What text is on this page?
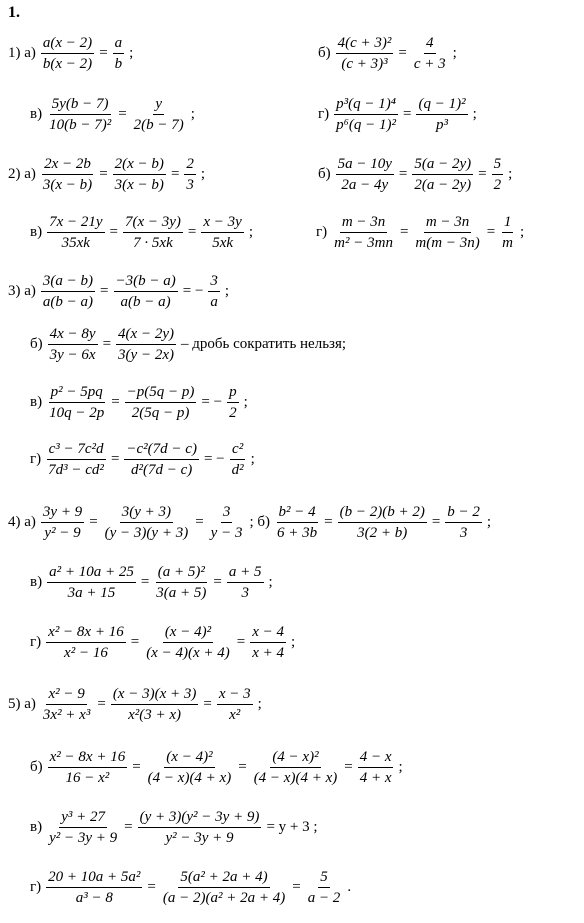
1.
1) $а) \frac{a(x - 2)}{b(x - 2)} = \frac{a}{b}$ ;	$б) \frac{\text{4(c + 3)²}}{\text{(c + 3)³}} = \frac{4}{c + 3}$ ;
$в) \frac{5y(b - 7)}{\text{10(b − 7)²}} = \frac{y}{2(b - 7)}$ ;	$г) \frac{\text{p³(q − 1)⁴}}{\text{p⁶(q − 1)²}} = \frac{\text{(q − 1)²}}{\text{p³}}$ ;
2) $а) \frac{2x - 2b}{3(x - b)} = \frac{2(x - b)}{3(x - b)} = \frac{2}{3}$ ;	$б) \frac{5a - 10y}{2a - 4y} = \frac{5(a - 2y)}{2(a - 2y)} = \frac{5}{2}$ ;
$в) \frac{7x - 21y}{35xk} = \frac{7(x - 3y)}{7 \cdot 5xk} = \frac{x - 3y}{5xk}$ ;	$г) \frac{m - 3n}{\text{m² − 3mn}} = \frac{m - 3n}{m(m - 3n)} = \frac{1}{m}$ ;
3) $а) \frac{3(a - b)}{a(b - a)} = \frac{-3(b - a)}{a(b - a)}$ = − $\frac{3}{a}$ ;
$б) \frac{4x - 8y}{3y - 6x} = \frac{4(x - 2y)}{3(y - 2x)}$ – дробь сократить нельзя;
$в) \frac{\text{p² − 5pq}}{10q - 2p} = \frac{-p(5q - p)}{2(5q - p)}$ = − $\frac{p}{2}$ ;
$г) \frac{\text{c³ − 7c²d}}{\text{7d³ − cd²}} = \frac{\text{−c²(7d − c)}}{\text{d²(7d − c)}}$ = − $\frac{\text{c²}}{\text{d²}}$ ;
4) $а) \frac{3y + 9}{\text{y² − 9}} = \frac{3(y + 3)}{(y - 3)(y + 3)} = \frac{3}{y - 3}$ ; $б) \frac{\text{b² − 4}}{6 + 3b} = \frac{(b - 2)(b + 2)}{3(2 + b)} = \frac{b - 2}{3}$ ;
$в) \frac{\text{a² + 10a + 25}}{3a + 15} = \frac{\text{(a + 5)²}}{3(a + 5)} = \frac{a + 5}{3}$ ;
$г) \frac{\text{x² − 8x + 16}}{\text{x² − 16}} = \frac{\text{(x − 4)²}}{(x - 4)(x + 4)} = \frac{x - 4}{x + 4}$ ;
5) $а) \frac{\text{x² − 9}}{\text{3x² + x³}} = \frac{(x - 3)(x + 3)}{\text{x²(3 + x)}} = \frac{x - 3}{\text{x²}}$ ;
$б) \frac{\text{x² − 8x + 16}}{\text{16 − x²}} = \frac{\text{(x − 4)²}}{(4 - x)(4 + x)} = \frac{\text{(4 − x)²}}{(4 - x)(4 + x)} = \frac{4 - x}{4 + x}$ ;
$в) \frac{\text{y³ + 27}}{\text{y² − 3y + 9}} = \frac{\text{(y + 3)(y² − 3y + 9)}}{\text{y² − 3y + 9}} = y + 3$ ;
$г) \frac{\text{20 + 10a + 5a²}}{\text{a³ − 8}} = \frac{\text{5(a² + 2a + 4)}}{\text{(a − 2)(a² + 2a + 4)}} = \frac{5}{a - 2}$ .
